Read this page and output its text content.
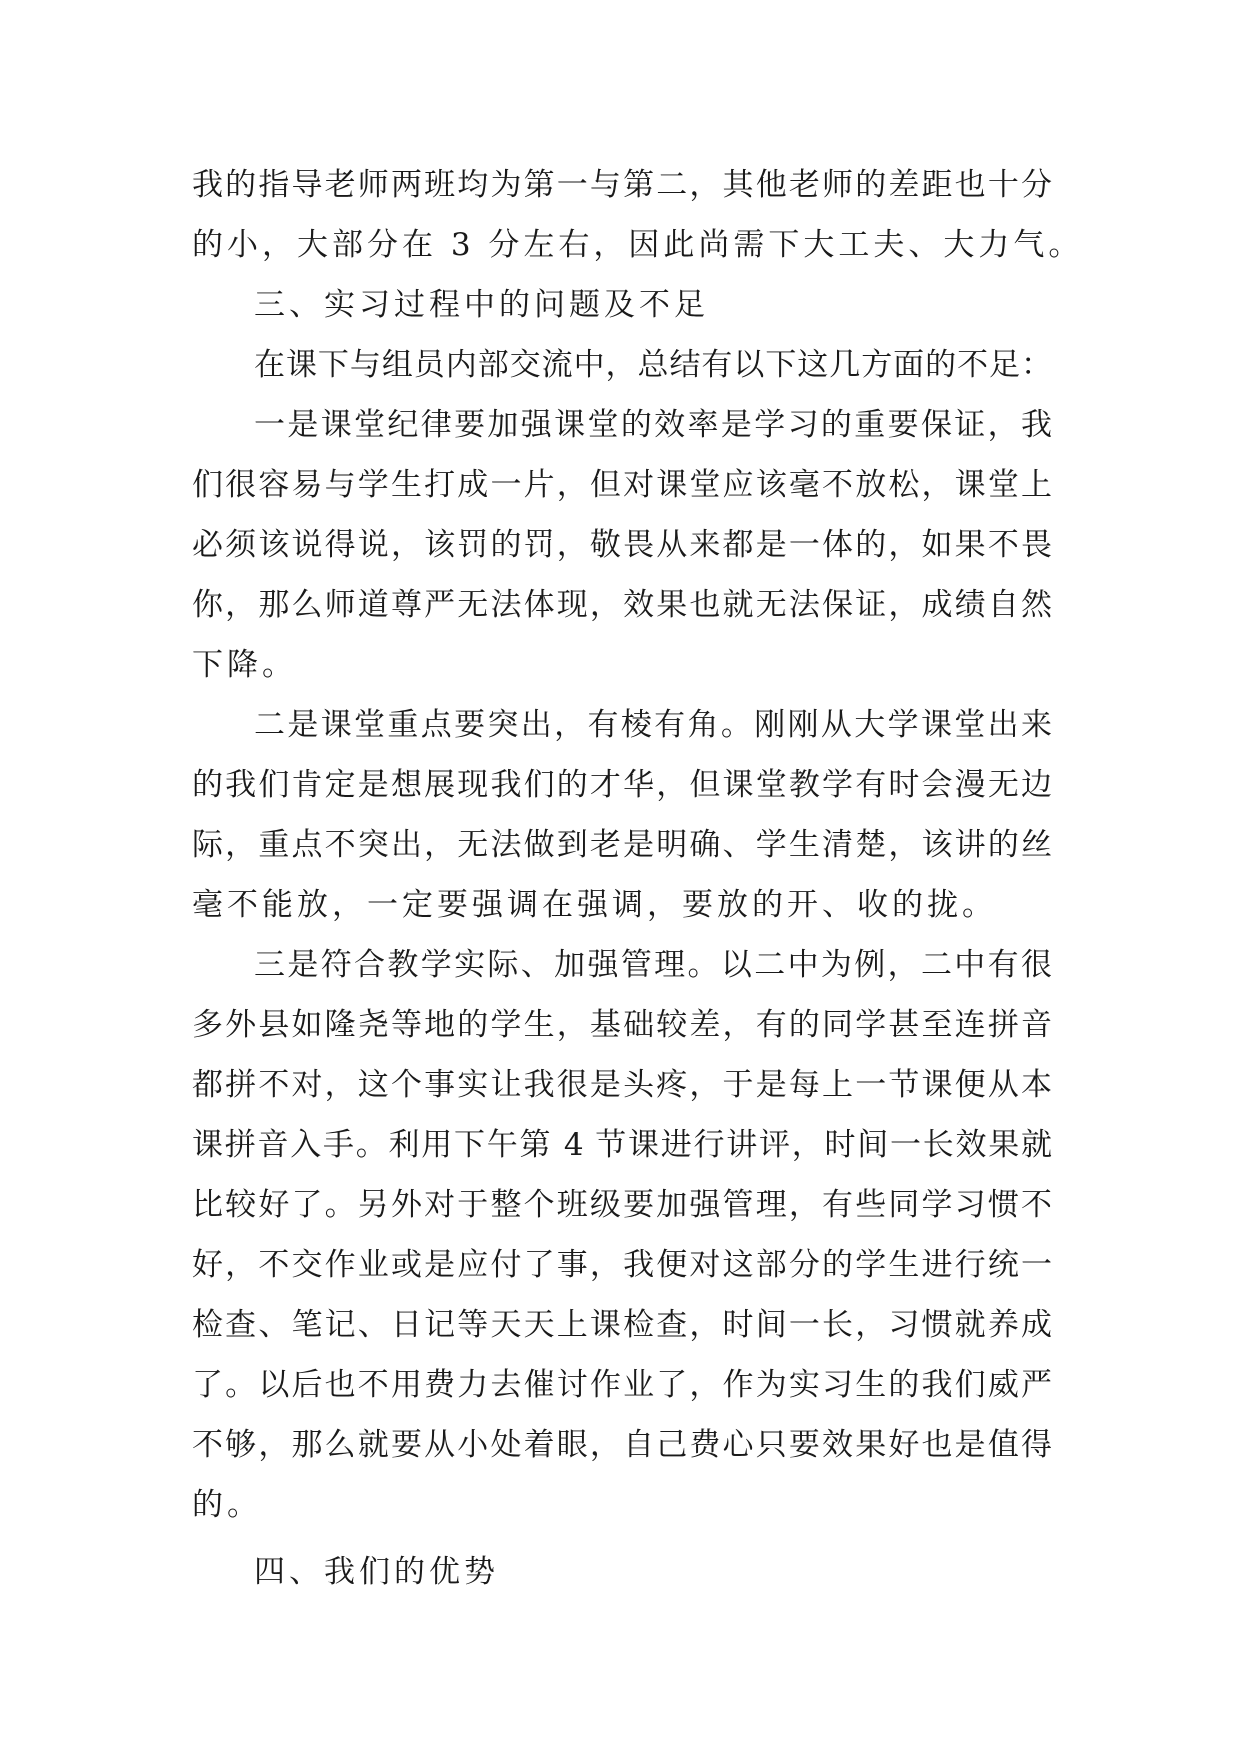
我的指导老师两班均为第一与第二，其他老师的差距也十分
的小，大部分在 3 分左右，因此尚需下大工夫、大力气。
三、实习过程中的问题及不足
在课下与组员内部交流中，总结有以下这几方面的不足：
一是课堂纪律要加强课堂的效率是学习的重要保证，我
们很容易与学生打成一片，但对课堂应该毫不放松，课堂上
必须该说得说，该罚的罚，敬畏从来都是一体的，如果不畏
你，那么师道尊严无法体现，效果也就无法保证，成绩自然
下降。
二是课堂重点要突出，有棱有角。刚刚从大学课堂出来
的我们肯定是想展现我们的才华，但课堂教学有时会漫无边
际，重点不突出，无法做到老是明确、学生清楚，该讲的丝
毫不能放，一定要强调在强调，要放的开、收的拢。
三是符合教学实际、加强管理。以二中为例，二中有很
多外县如隆尧等地的学生，基础较差，有的同学甚至连拼音
都拼不对，这个事实让我很是头疼，于是每上一节课便从本
课拼音入手。利用下午第 4 节课进行讲评，时间一长效果就
比较好了。另外对于整个班级要加强管理，有些同学习惯不
好，不交作业或是应付了事，我便对这部分的学生进行统一
检查、笔记、日记等天天上课检查，时间一长，习惯就养成
了。以后也不用费力去催讨作业了，作为实习生的我们威严
不够，那么就要从小处着眼，自己费心只要效果好也是值得
的。
四、我们的优势
